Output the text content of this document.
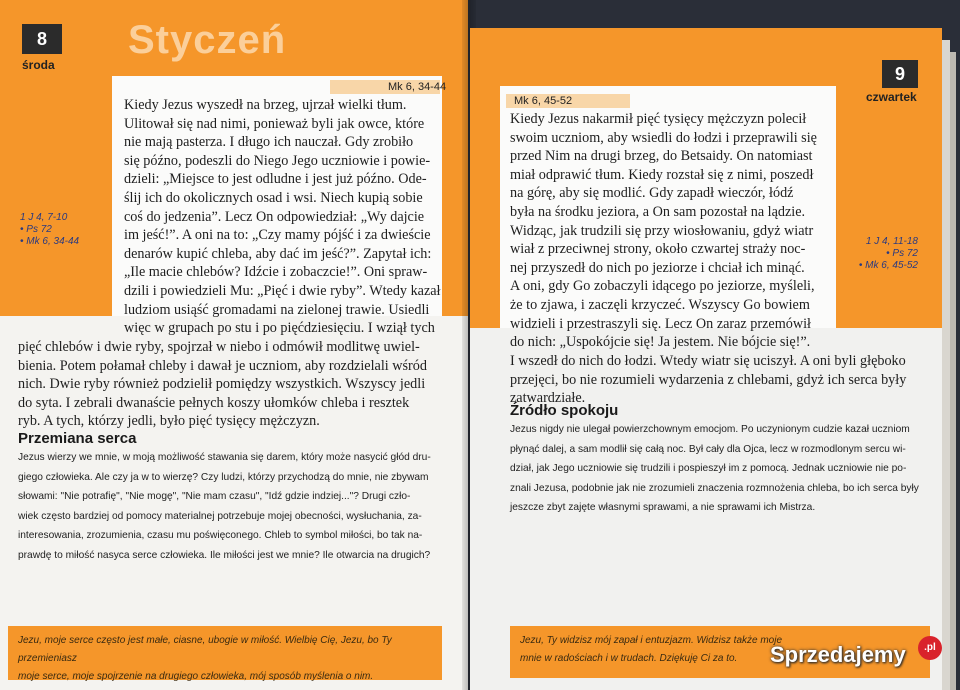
8
środa
Styczeń
Mk 6, 34-44
1 J 4, 7-10
• Ps 72
• Mk 6, 34-44
Kiedy Jezus wyszedł na brzeg, ujrzał wielki tłum.
Ulitował się nad nimi, ponieważ byli jak owce, które
nie mają pasterza. I długo ich nauczał. Gdy zrobiło
się późno, podeszli do Niego Jego uczniowie i powie-
dzieli: „Miejsce to jest odludne i jest już późno. Ode-
ślij ich do okolicznych osad i wsi. Niech kupią sobie
coś do jedzenia”. Lecz On odpowiedział: „Wy dajcie
im jeść!”. A oni na to: „Czy mamy pójść i za dwieście
denarów kupić chleba, aby dać im jeść?”. Zapytał ich:
„Ile macie chlebów? Idźcie i zobaczcie!”. Oni spraw-
dzili i powiedzieli Mu: „Pięć i dwie ryby”. Wtedy kazał
ludziom usiąść gromadami na zielonej trawie. Usiedli
więc w grupach po stu i po pięćdziesięciu. I wziął tych
pięć chlebów i dwie ryby, spojrzał w niebo i odmówił modlitwę uwiel-
bienia. Potem połamał chleby i dawał je uczniom, aby rozdzielali wśród
nich. Dwie ryby również podzielił pomiędzy wszystkich. Wszyscy jedli
do syta. I zebrali dwanaście pełnych koszy ułomków chleba i resztek
ryb. A tych, którzy jedli, było pięć tysięcy mężczyzn.
Przemiana serca
Jezus wierzy we mnie, w moją możliwość stawania się darem, który może nasycić głód dru-
giego człowieka. Ale czy ja w to wierzę? Czy ludzi, którzy przychodzą do mnie, nie zbywam
słowami: "Nie potrafię", "Nie mogę", "Nie mam czasu", "Idź gdzie indziej..."? Drugi czło-
wiek często bardziej od pomocy materialnej potrzebuje mojej obecności, wysłuchania, za-
interesowania, zrozumienia, czasu mu poświęconego. Chleb to symbol miłości, bo tak na-
prawdę to miłość nasyca serce człowieka. Ile miłości jest we mnie? Ile otwarcia na drugich?
Jezu, moje serce często jest małe, ciasne, ubogie w miłość. Wielbię Cię, Jezu, bo Ty przemieniasz
moje serce, moje spojrzenie na drugiego człowieka, mój sposób myślenia o nim.
9
czwartek
Mk 6, 45-52
1 J 4, 11-18
• Ps 72
• Mk 6, 45-52
Kiedy Jezus nakarmił pięć tysięcy mężczyzn polecił
swoim uczniom, aby wsiedli do łodzi i przeprawili się
przed Nim na drugi brzeg, do Betsaidy. On natomiast
miał odprawić tłum. Kiedy rozstał się z nimi, poszedł
na górę, aby się modlić. Gdy zapadł wieczór, łódź
była na środku jeziora, a On sam pozostał na lądzie.
Widząc, jak trudzili się przy wiosłowaniu, gdyż wiatr
wiał z przeciwnej strony, około czwartej straży noc-
nej przyszedł do nich po jeziorze i chciał ich minąć.
A oni, gdy Go zobaczyli idącego po jeziorze, myśleli,
że to zjawa, i zaczęli krzyczeć. Wszyscy Go bowiem
widzieli i przestraszyli się. Lecz On zaraz przemówił
do nich: „Uspokójcie się! Ja jestem. Nie bójcie się!”.
I wszedł do nich do łodzi. Wtedy wiatr się uciszył. A oni byli głęboko
przejęci, bo nie rozumieli wydarzenia z chlebami, gdyż ich serca były
zatwardziałe.
Źródło spokoju
Jezus nigdy nie ulegał powierzchownym emocjom. Po uczynionym cudzie kazał uczniom
płynąć dalej, a sam modlił się całą noc. Był cały dla Ojca, lecz w rozmodlonym sercu wi-
dział, jak Jego uczniowie się trudzili i pospieszył im z pomocą. Jednak uczniowie nie po-
znali Jezusa, podobnie jak nie zrozumieli znaczenia rozmnożenia chleba, bo ich serca były
jeszcze zbyt zajęte własnymi sprawami, a nie sprawami ich Mistrza.
Jezu, Ty widzisz mój zapał i entuzjazm. Widzisz także moje
mnie w radościach i w trudach. Dziękuję Ci za to.	Sprzedajemy	.pl
